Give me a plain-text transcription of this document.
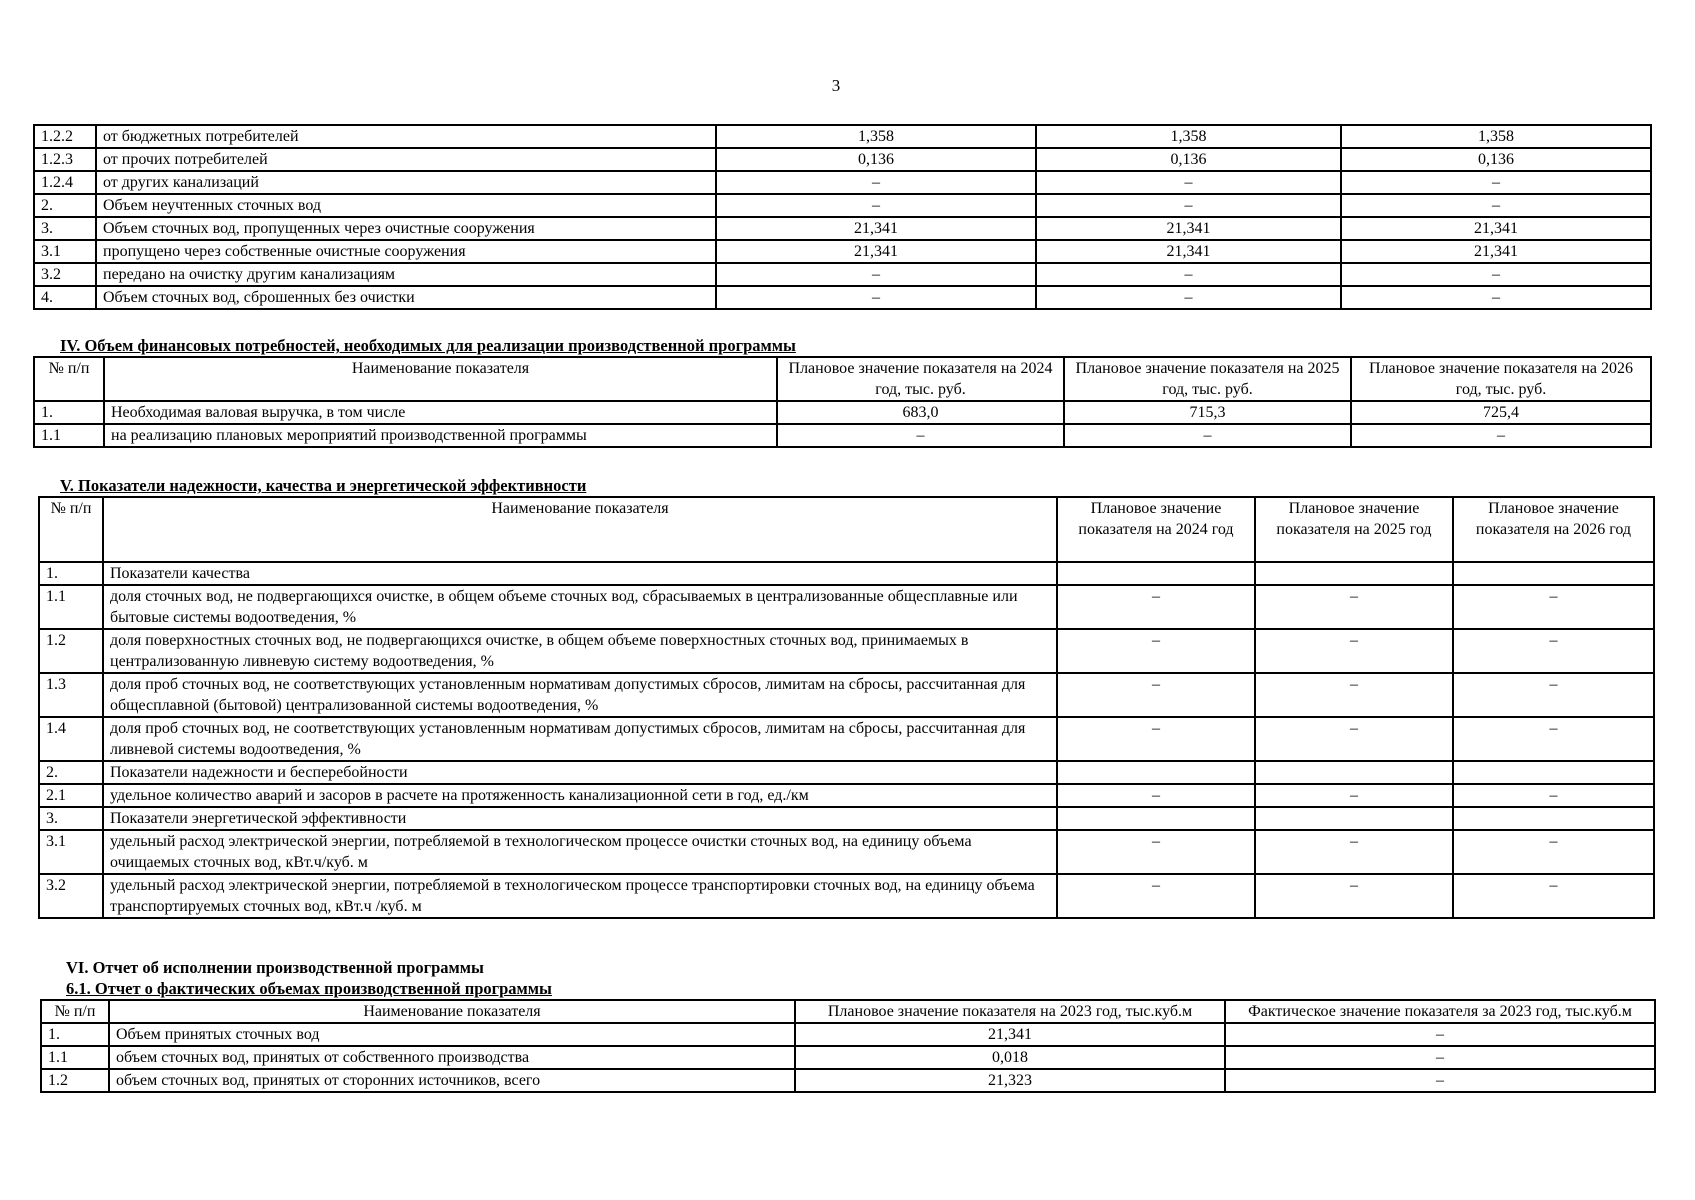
3
1.2.2	от бюджетных потребителей	1,358	1,358	1,358
1.2.3	от прочих потребителей	0,136	0,136	0,136
1.2.4	от других канализаций	–	–	–
2.	Объем неучтенных сточных вод	–	–	–
3.	Объем сточных вод, пропущенных через очистные сооружения	21,341	21,341	21,341
3.1	пропущено через собственные очистные сооружения	21,341	21,341	21,341
3.2	передано на очистку другим канализациям	–	–	–
4.	Объем сточных вод, сброшенных без очистки	–	–	–
IV. Объем финансовых потребностей, необходимых для реализации производственной программы
№ п/п	Наименование показателя	Плановое значение показателя на 2024 год, тыс. руб.	Плановое значение показателя на 2025 год, тыс. руб.	Плановое значение показателя на 2026 год, тыс. руб.
1.	Необходимая валовая выручка, в том числе	683,0	715,3	725,4
1.1	на реализацию плановых мероприятий производственной программы	–	–	–
V. Показатели надежности, качества и энергетической эффективности
№ п/п	Наименование показателя	Плановое значение показателя на 2024 год	Плановое значение показателя на 2025 год	Плановое значение показателя на 2026 год
1.	Показатели качества			
1.1	доля сточных вод, не подвергающихся очистке, в общем объеме сточных вод, сбрасываемых в централизованные общесплавные или бытовые системы водоотведения, %	–	–	–
1.2	доля поверхностных сточных вод, не подвергающихся очистке, в общем объеме поверхностных сточных вод, принимаемых в централизованную ливневую систему водоотведения, %	–	–	–
1.3	доля проб сточных вод, не соответствующих установленным нормативам допустимых сбросов, лимитам на сбросы, рассчитанная для общесплавной (бытовой) централизованной системы водоотведения, %	–	–	–
1.4	доля проб сточных вод, не соответствующих установленным нормативам допустимых сбросов, лимитам на сбросы, рассчитанная для ливневой системы водоотведения, %	–	–	–
2.	Показатели надежности и бесперебойности			
2.1	удельное количество аварий и засоров в расчете на протяженность канализационной сети в год, ед./км	–	–	–
3.	Показатели энергетической эффективности			
3.1	удельный расход электрической энергии, потребляемой в технологическом процессе очистки сточных вод, на единицу объема очищаемых сточных вод, кВт.ч/куб. м	–	–	–
3.2	удельный расход электрической энергии, потребляемой в технологическом процессе транспортировки сточных вод, на единицу объема транспортируемых сточных вод, кВт.ч /куб. м	–	–	–
VI. Отчет об исполнении производственной программы
6.1. Отчет о фактических объемах производственной программы
№ п/п	Наименование показателя	Плановое значение показателя на 2023 год, тыс.куб.м	Фактическое значение показателя за 2023 год, тыс.куб.м
1.	Объем принятых сточных вод	21,341	–
1.1	объем сточных вод, принятых от собственного производства	0,018	–
1.2	объем сточных вод, принятых от сторонних источников, всего	21,323	–
